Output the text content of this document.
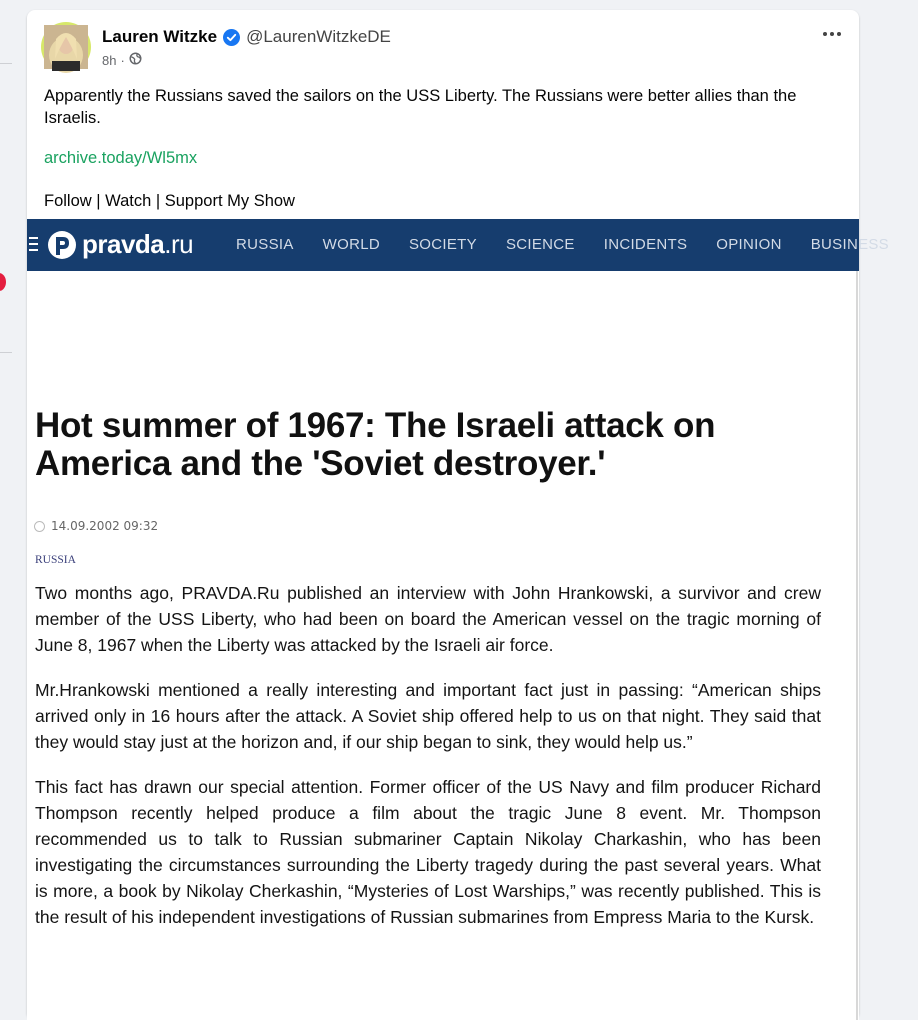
Lauren Witzke @LaurenWitzkeDE
8h ·
Apparently the Russians saved the sailors on the USS Liberty. The Russians were better allies than the Israelis.
archive.today/Wl5mx
Follow | Watch | Support My Show
pravda.ru	RUSSIA WORLD SOCIETY SCIENCE INCIDENTS OPINION BUSINESS
Hot summer of 1967: The Israeli attack on America and the 'Soviet destroyer.'
14.09.2002 09:32
RUSSIA

Two months ago, PRAVDA.Ru published an interview with John Hrankowski, a survivor and crew member of the USS Liberty, who had been on board the American vessel on the tragic morning of June 8, 1967 when the Liberty was attacked by the Israeli air force.

Mr.Hrankowski mentioned a really interesting and important fact just in passing: “American ships arrived only in 16 hours after the attack. A Soviet ship offered help to us on that night. They said that they would stay just at the horizon and, if our ship began to sink, they would help us.”

This fact has drawn our special attention. Former officer of the US Navy and film producer Richard Thompson recently helped produce a film about the tragic June 8 event. Mr. Thompson recommended us to talk to Russian submariner Captain Nikolay Charkashin, who has been investigating the circumstances surrounding the Liberty tragedy during the past several years. What is more, a book by Nikolay Cherkashin, “Mysteries of Lost Warships,” was recently published. This is the result of his independent investigations of Russian submarines from Empress Maria to the Kursk.
